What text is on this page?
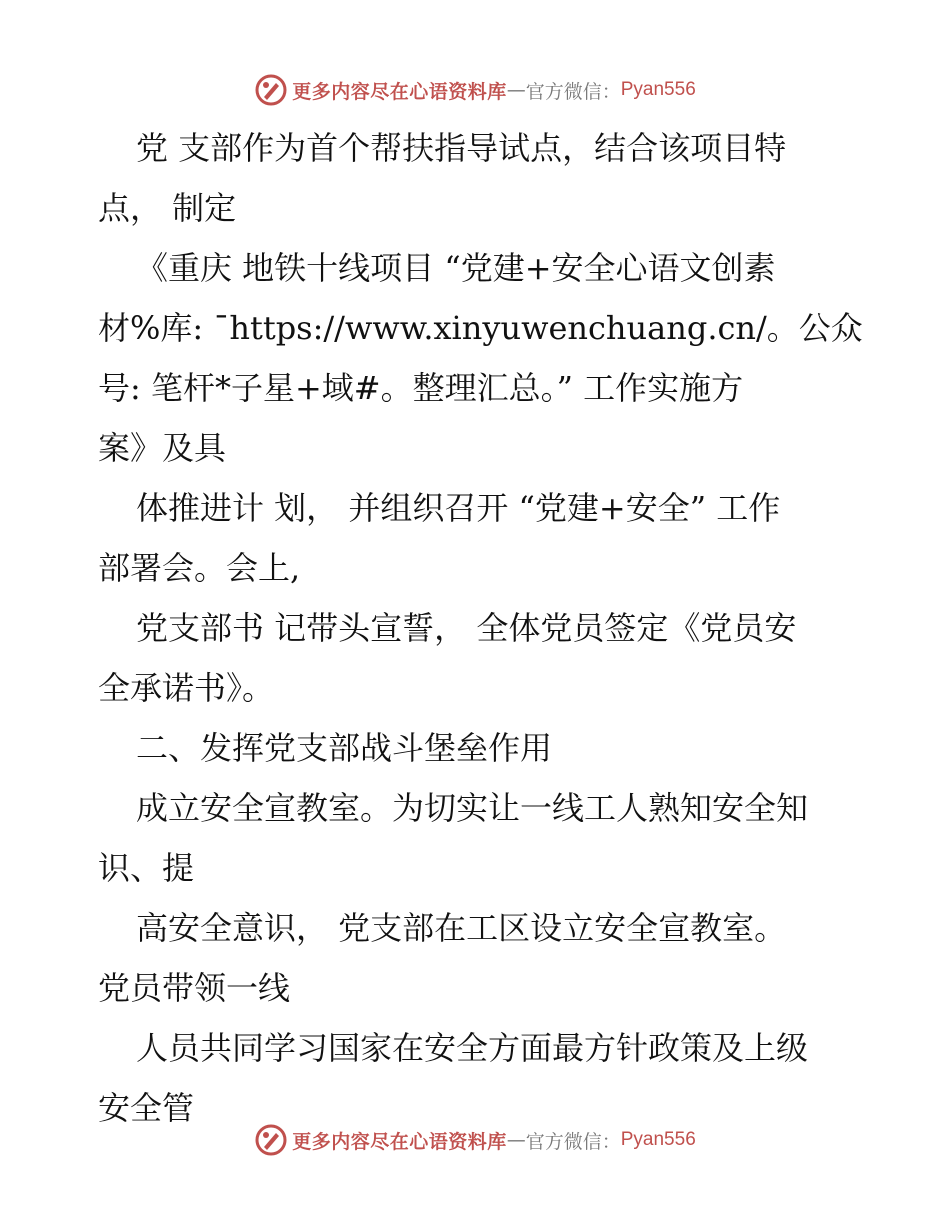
更多内容尽在心语资料库 — 官方微信： Pyan556
党 支部作为首个帮扶指导试点，结合该项目特
点， 制定
《重庆 地铁十线项目 “党建+安全心语文创素
材%库: ¯https://www.xinyuwenchuang.cn/。公众
号: 笔杆*子星+域#。整理汇总。” 工作实施方
案》及具
体推进计 划， 并组织召开 “党建+安全” 工作
部署会。会上,
党支部书 记带头宣誓， 全体党员签定《党员安
全承诺书》。
二、发挥党支部战斗堡垒作用
成立安全宣教室。为切实让一线工人熟知安全知
识、提
高安全意识， 党支部在工区设立安全宣教室。
党员带领一线
人员共同学习国家在安全方面最方针政策及上级
安全管
更多内容尽在心语资料库 — 官方微信： Pyan556
